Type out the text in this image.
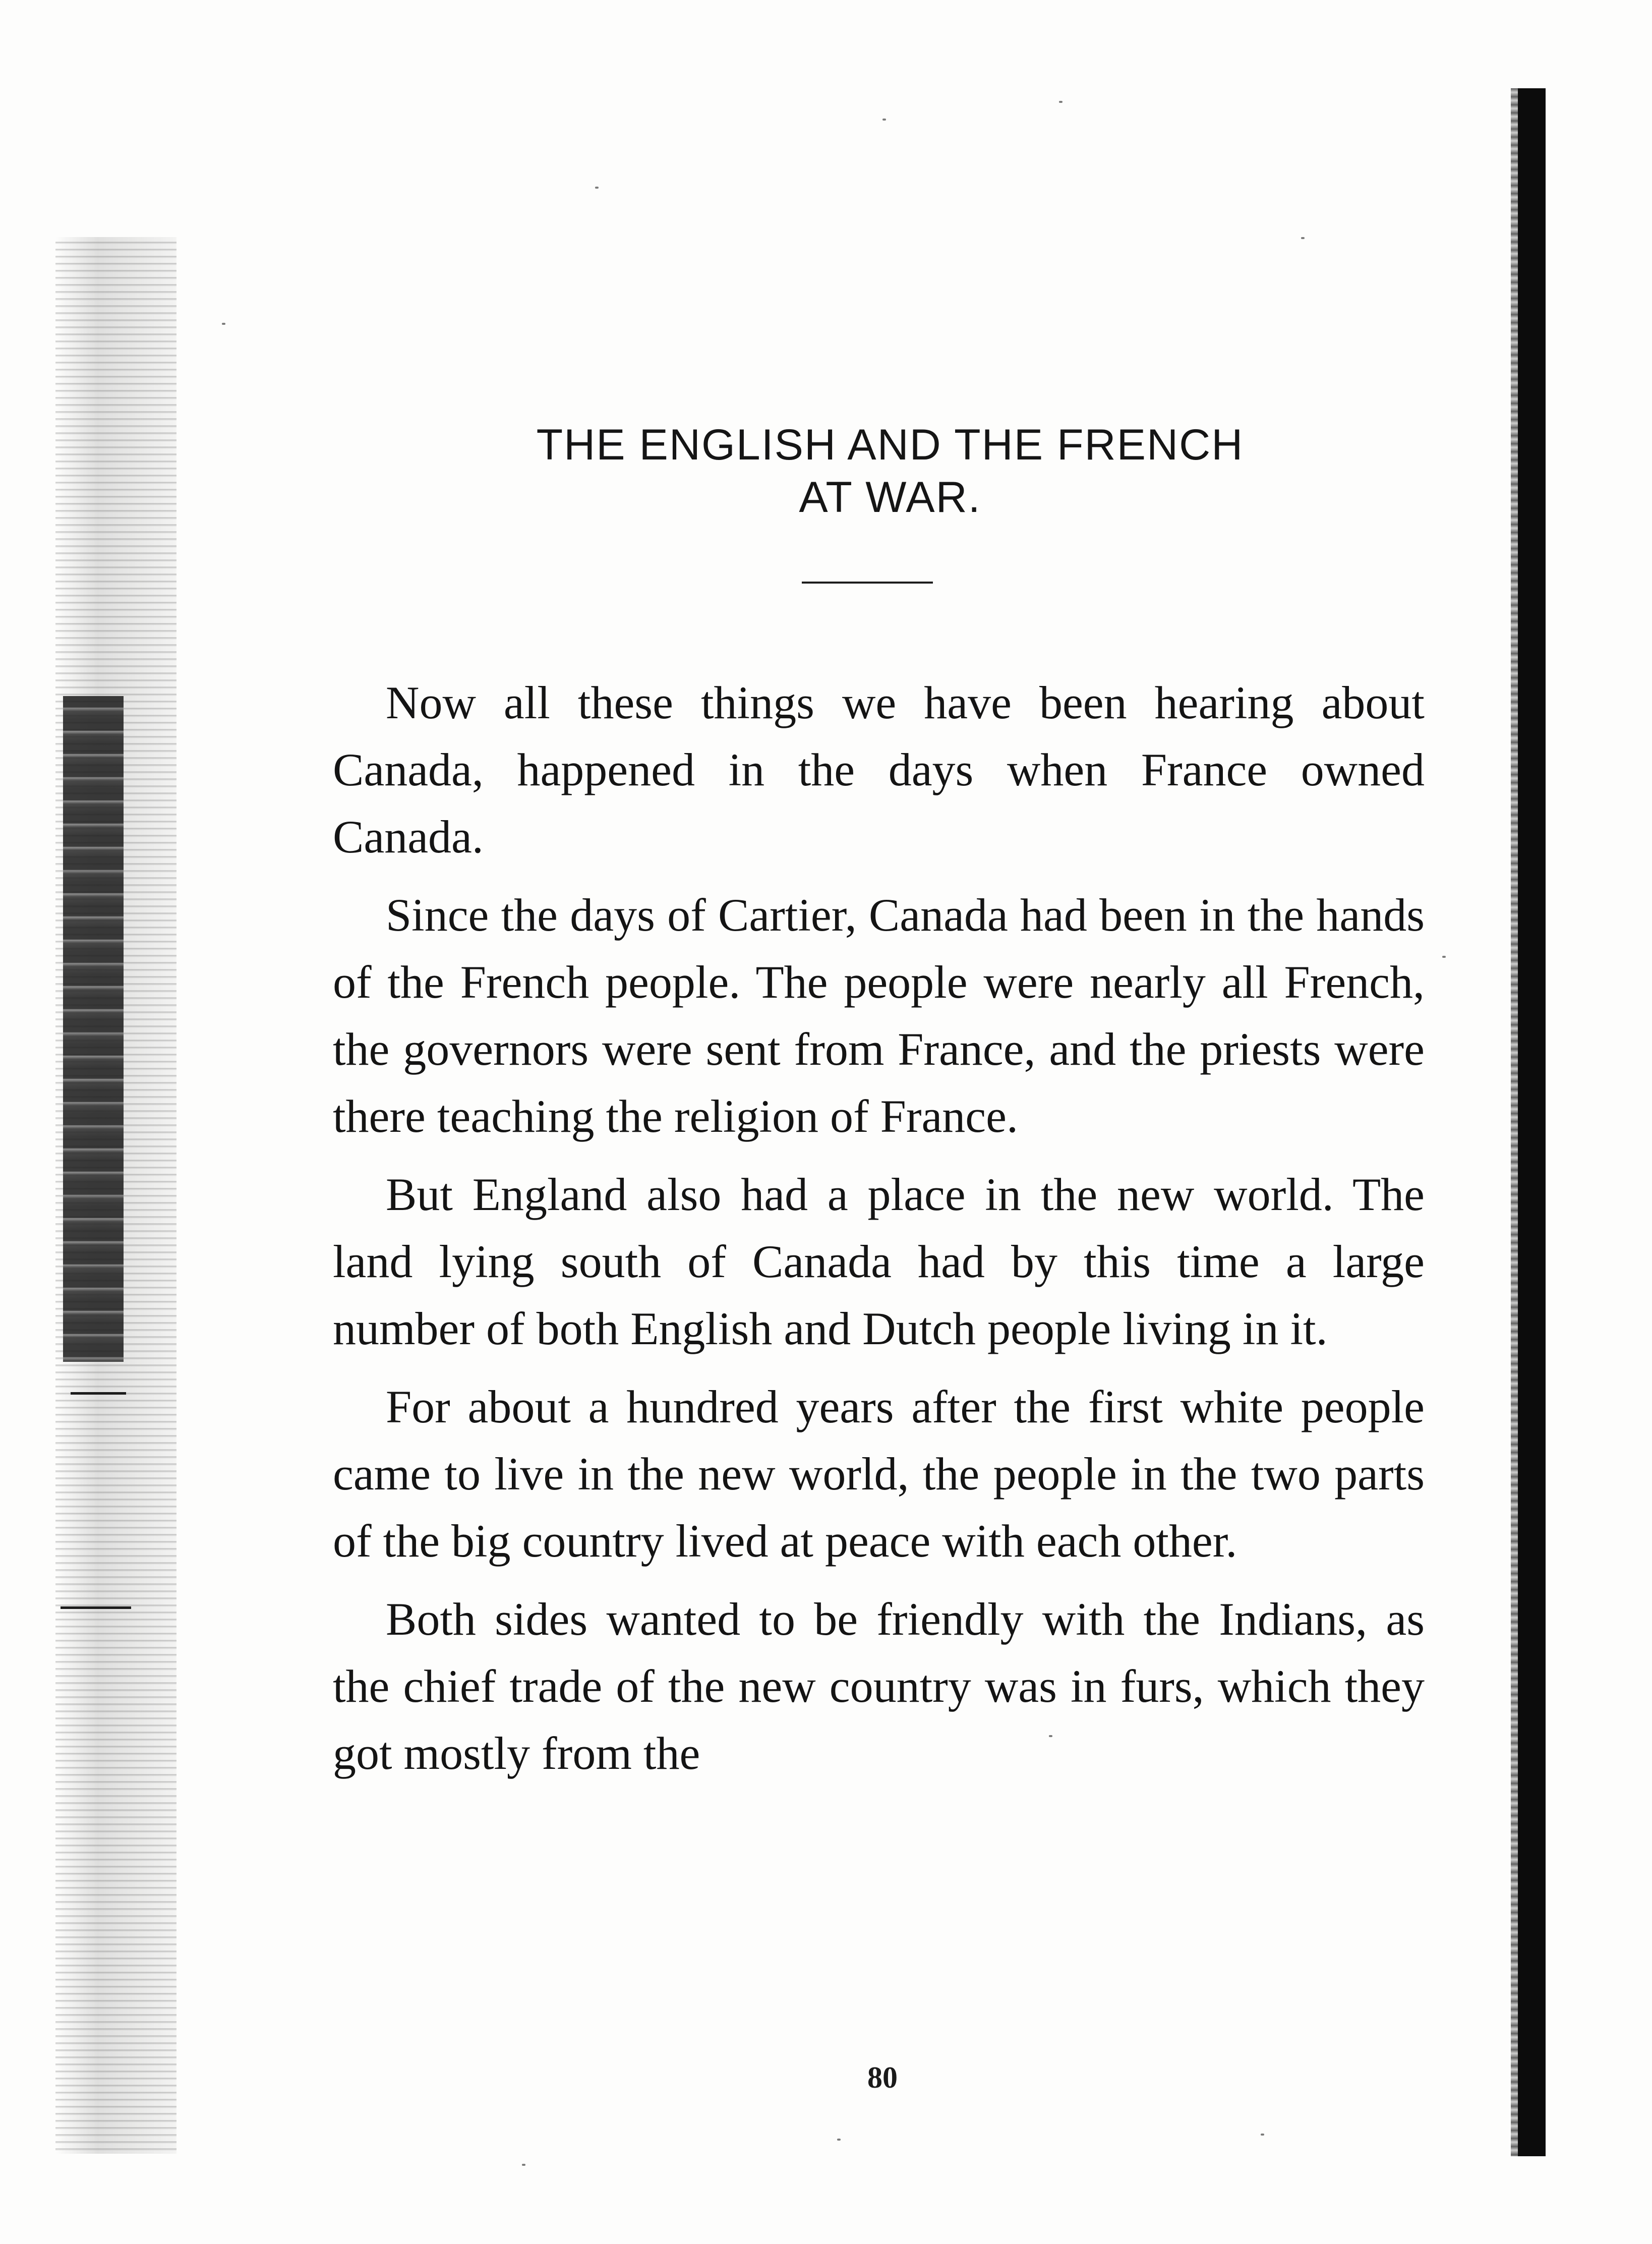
THE ENGLISH AND THE FRENCH
AT WAR.

Now all these things we have been hearing about Canada, happened in the days when France owned Canada.

Since the days of Cartier, Canada had been in the hands of the French people. The people were nearly all French, the governors were sent from France, and the priests were there teaching the religion of France.

But England also had a place in the new world. The land lying south of Canada had by this time a large number of both English and Dutch people living in it.

For about a hundred years after the first white people came to live in the new world, the people in the two parts of the big country lived at peace with each other.

Both sides wanted to be friendly with the Indians, as the chief trade of the new country was in furs, which they got mostly from the

80
